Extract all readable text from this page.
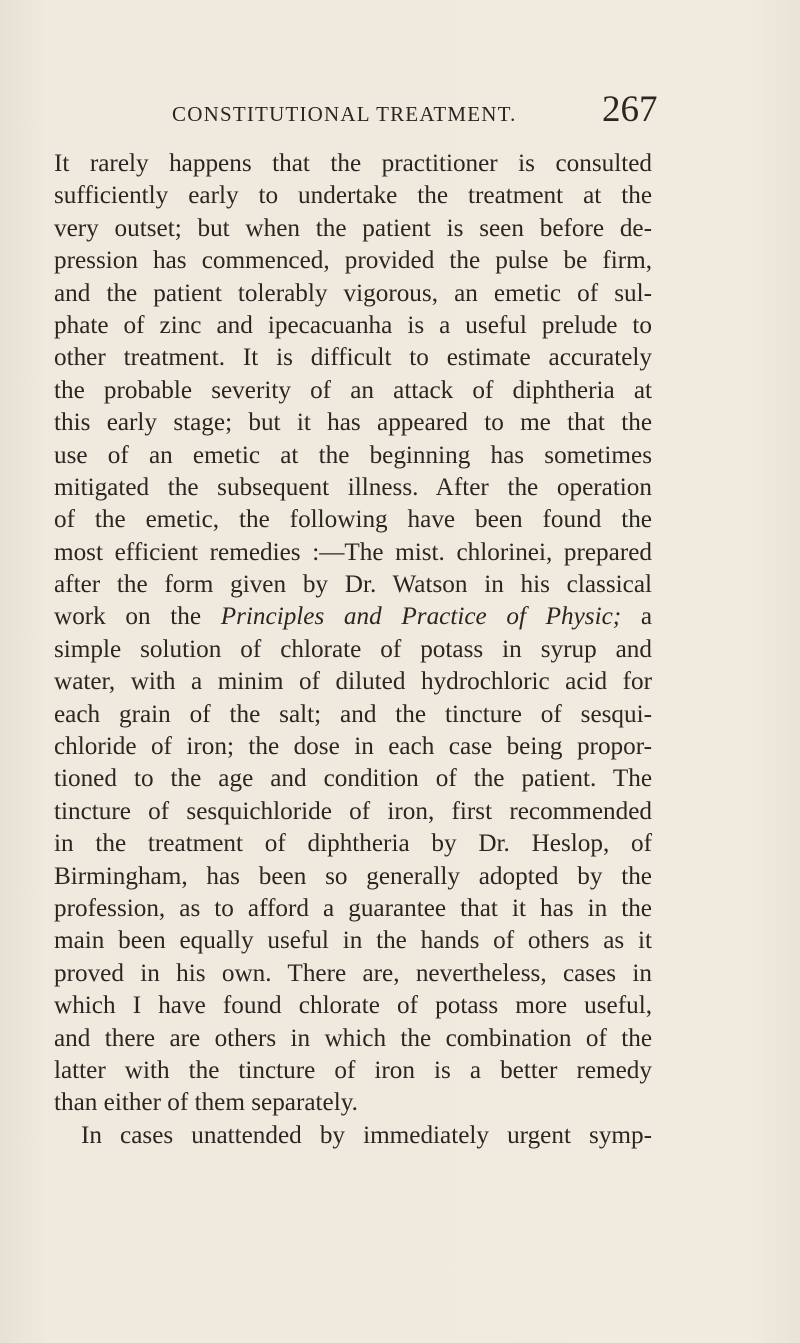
CONSTITUTIONAL TREATMENT. 267
It rarely happens that the practitioner is consulted
sufficiently early to undertake the treatment at the
very outset; but when the patient is seen before de-
pression has commenced, provided the pulse be firm,
and the patient tolerably vigorous, an emetic of sul-
phate of zinc and ipecacuanha is a useful prelude to
other treatment. It is difficult to estimate accurately
the probable severity of an attack of diphtheria at
this early stage; but it has appeared to me that the
use of an emetic at the beginning has sometimes
mitigated the subsequent illness. After the operation
of the emetic, the following have been found the
most efficient remedies :—The mist. chlorinei, prepared
after the form given by Dr. Watson in his classical
work on the Principles and Practice of Physic; a
simple solution of chlorate of potass in syrup and
water, with a minim of diluted hydrochloric acid for
each grain of the salt; and the tincture of sesqui-
chloride of iron; the dose in each case being propor-
tioned to the age and condition of the patient. The
tincture of sesquichloride of iron, first recommended
in the treatment of diphtheria by Dr. Heslop, of
Birmingham, has been so generally adopted by the
profession, as to afford a guarantee that it has in the
main been equally useful in the hands of others as it
proved in his own. There are, nevertheless, cases in
which I have found chlorate of potass more useful,
and there are others in which the combination of the
latter with the tincture of iron is a better remedy
than either of them separately.
In cases unattended by immediately urgent symp-
